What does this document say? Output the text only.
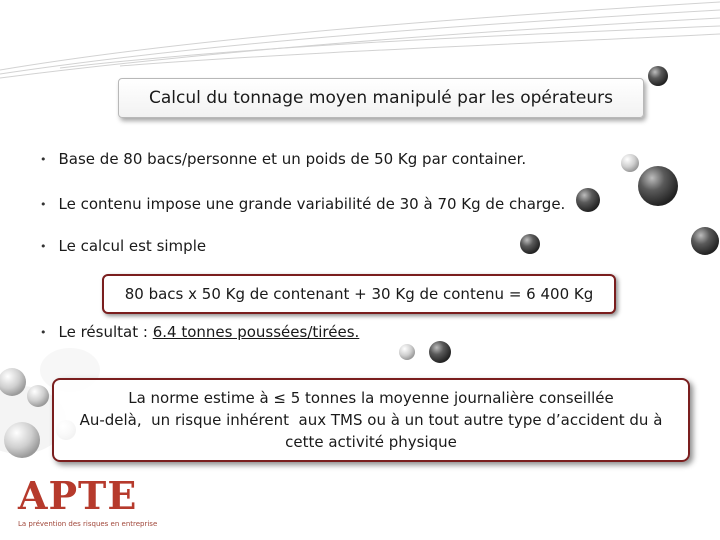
Calcul du tonnage moyen manipulé par les opérateurs
• Base de 80 bacs/personne et un poids de 50 Kg par container.
• Le contenu impose une grande variabilité de 30 à 70 Kg de charge.
• Le calcul est simple
80 bacs x 50 Kg de contenant + 30 Kg de contenu = 6 400 Kg
• Le résultat : 6.4 tonnes poussées/tirées.
La norme estime à ≤ 5 tonnes la moyenne journalière conseillée
Au-delà,  un risque inhérent  aux TMS ou à un tout autre type d’accident du à
cette activité physique
APTE
La prévention des risques en entreprise
